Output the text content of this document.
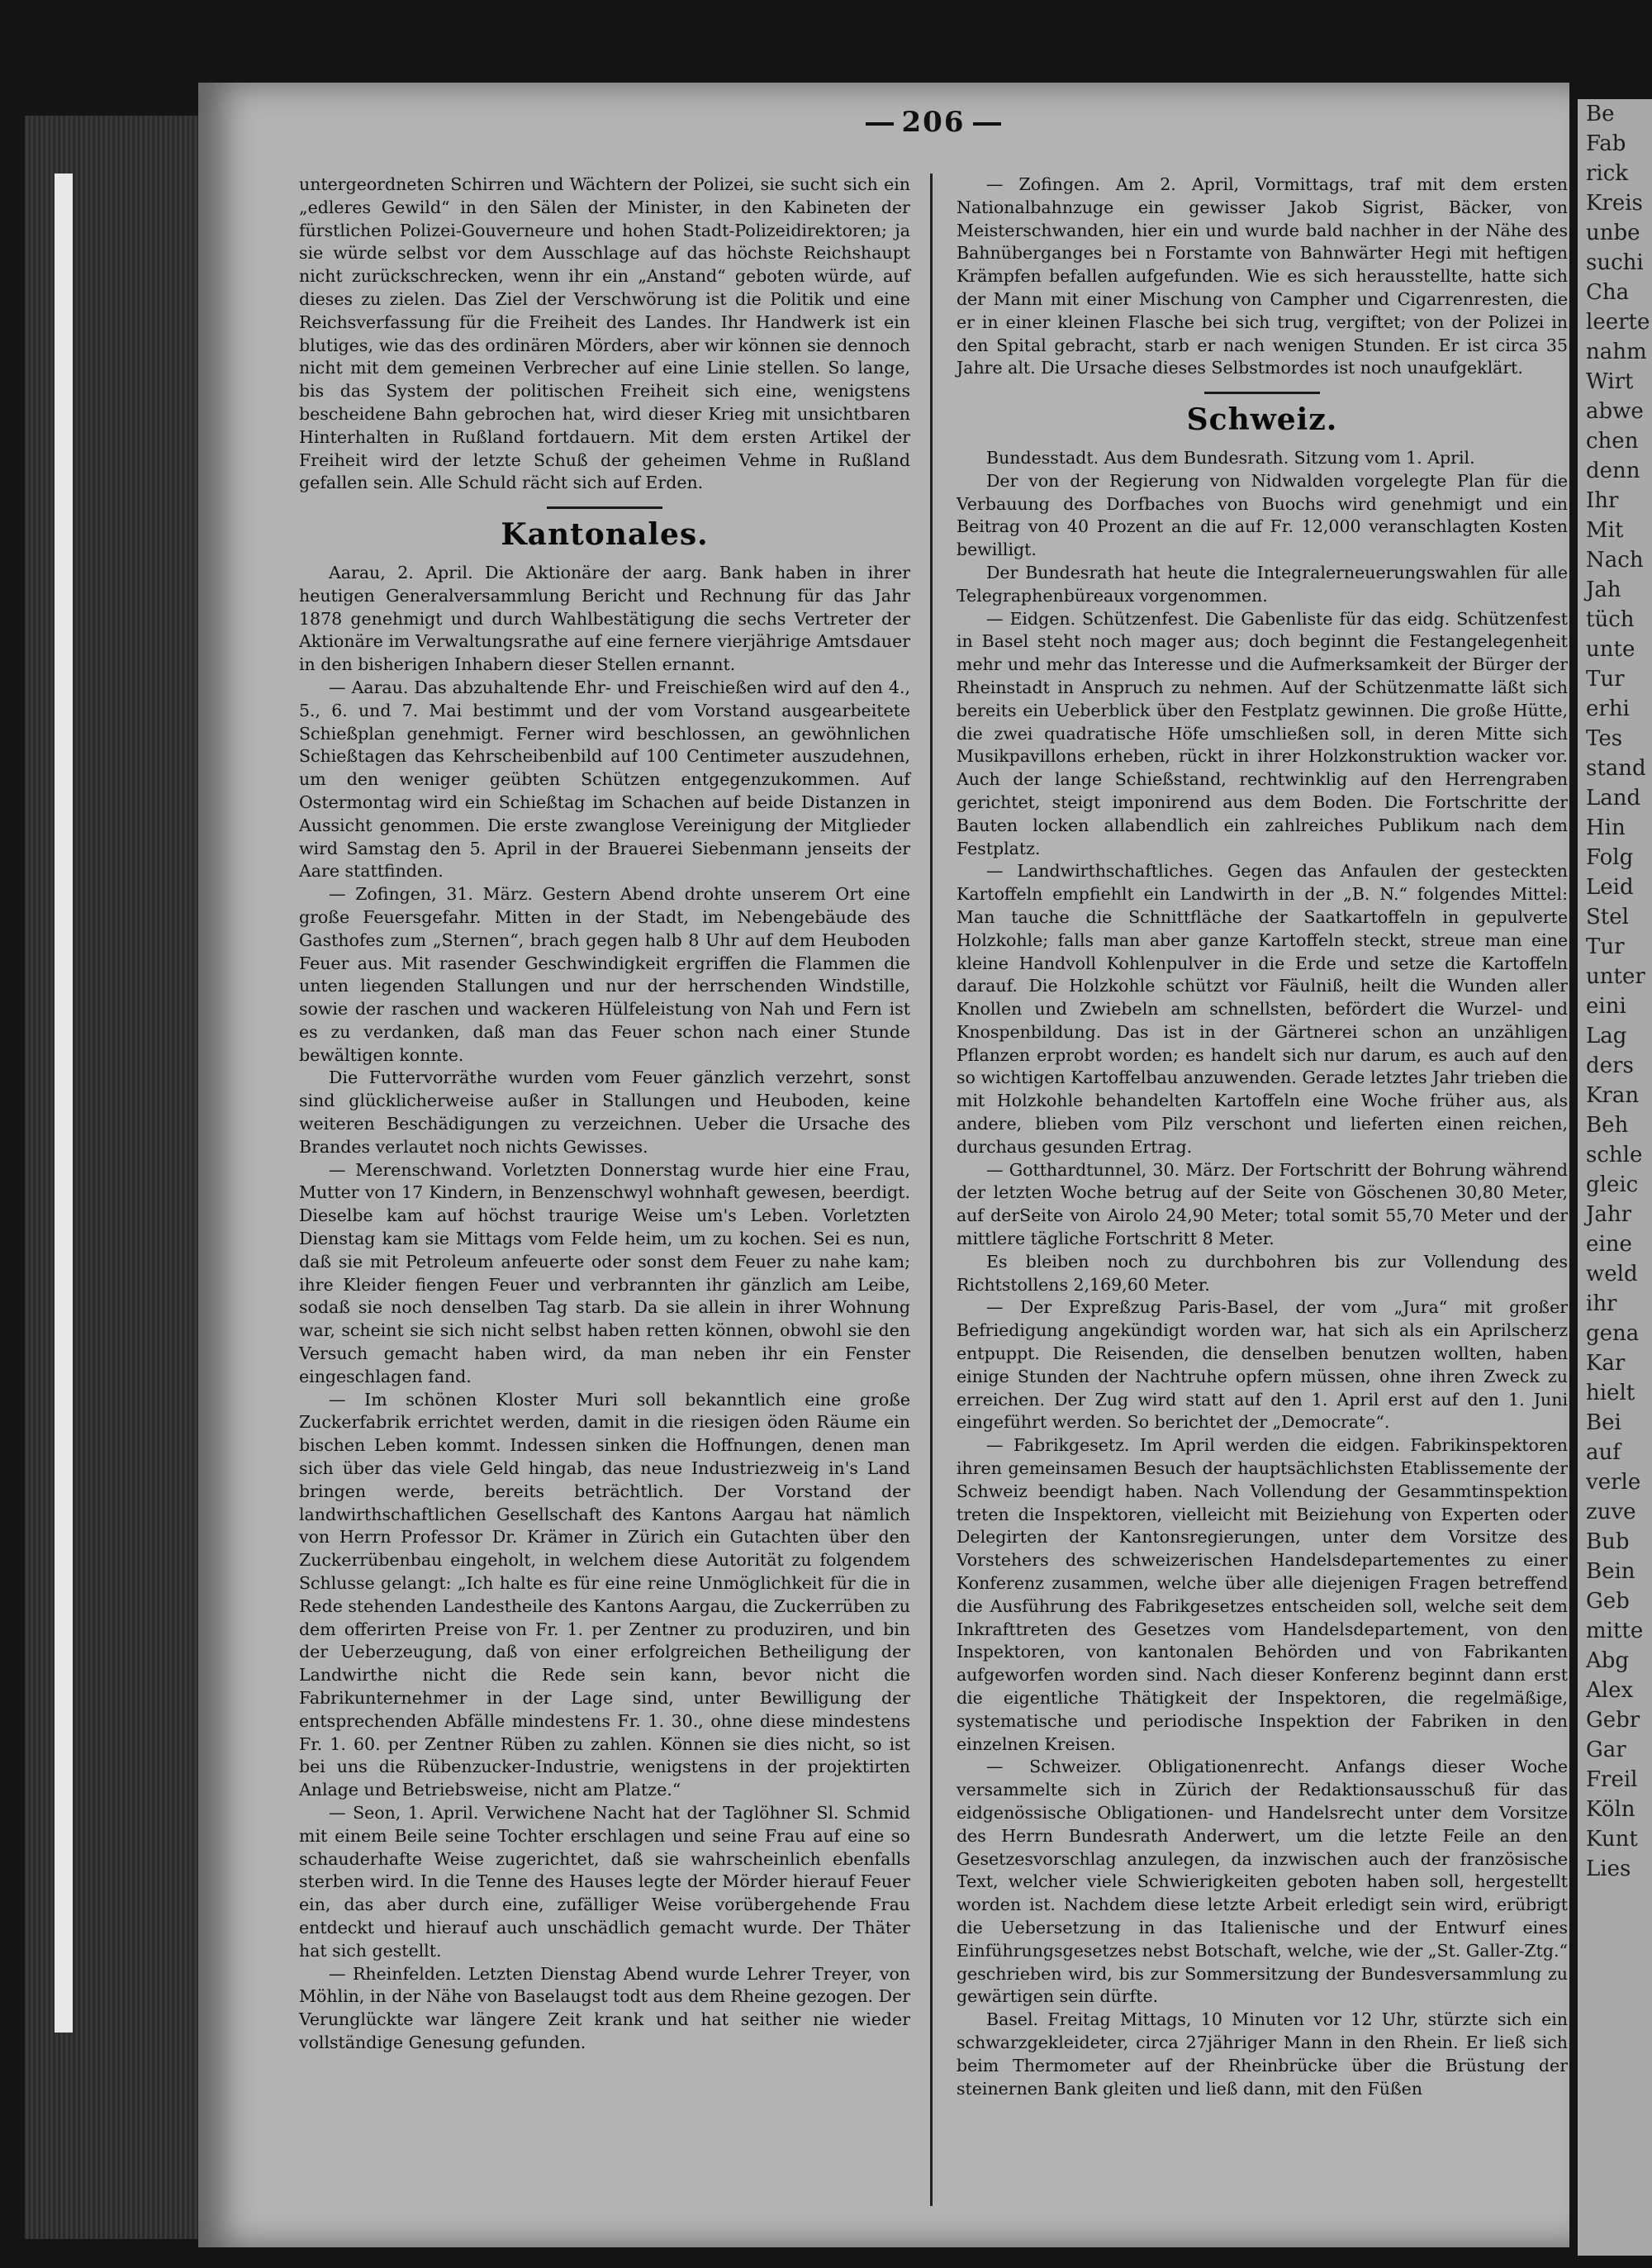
Be
Fab
rick
Kreis
unbe
suchi
Cha
leerte
nahm
Wirt
abwe
chen
denn
Ihr
Mit
Nach
Jah
tüch
unte
Tur
erhi
Tes
stand
Land
Hin
Folg
Leid
Stel
Tur
unter
eini
Lag
ders
Kran
Beh
schle
gleic
Jahr
eine
weld
ihr
gena
Kar
hielt
Bei
auf
verle
zuve
Bub
Bein
Geb
mitte
Abg
Alex
Gebr
Gar
Freil
Köln
Kunt
Lies
206

untergeordneten Schirren und Wächtern der Polizei, sie sucht sich ein „edleres Gewild“ in den Sälen der Minister, in den Kabineten der fürstlichen Polizei-Gouverneure und hohen Stadt-Polizeidirektoren; ja sie würde selbst vor dem Ausschlage auf das höchste Reichshaupt nicht zurückschrecken, wenn ihr ein „Anstand“ geboten würde, auf dieses zu zielen. Das Ziel der Verschwörung ist die Politik und eine Reichsverfassung für die Freiheit des Landes. Ihr Handwerk ist ein blutiges, wie das des ordinären Mörders, aber wir können sie dennoch nicht mit dem gemeinen Verbrecher auf eine Linie stellen. So lange, bis das System der politischen Freiheit sich eine, wenigstens bescheidene Bahn gebrochen hat, wird dieser Krieg mit unsichtbaren Hinterhalten in Rußland fortdauern. Mit dem ersten Artikel der Freiheit wird der letzte Schuß der geheimen Vehme in Rußland gefallen sein. Alle Schuld rächt sich auf Erden.

Kantonales.

Aarau, 2. April. Die Aktionäre der aarg. Bank haben in ihrer heutigen Generalversammlung Bericht und Rechnung für das Jahr 1878 genehmigt und durch Wahlbestätigung die sechs Vertreter der Aktionäre im Verwaltungsrathe auf eine fernere vierjährige Amtsdauer in den bisherigen Inhabern dieser Stellen ernannt.

— Aarau. Das abzuhaltende Ehr- und Freischießen wird auf den 4., 5., 6. und 7. Mai bestimmt und der vom Vorstand ausgearbeitete Schießplan genehmigt. Ferner wird beschlossen, an gewöhnlichen Schießtagen das Kehrscheibenbild auf 100 Centimeter auszudehnen, um den weniger geübten Schützen entgegenzukommen. Auf Ostermontag wird ein Schießtag im Schachen auf beide Distanzen in Aussicht genommen. Die erste zwanglose Vereinigung der Mitglieder wird Samstag den 5. April in der Brauerei Siebenmann jenseits der Aare stattfinden.

— Zofingen, 31. März. Gestern Abend drohte unserem Ort eine große Feuersgefahr. Mitten in der Stadt, im Nebengebäude des Gasthofes zum „Sternen“, brach gegen halb 8 Uhr auf dem Heuboden Feuer aus. Mit rasender Geschwindigkeit ergriffen die Flammen die unten liegenden Stallungen und nur der herrschenden Windstille, sowie der raschen und wackeren Hülfeleistung von Nah und Fern ist es zu verdanken, daß man das Feuer schon nach einer Stunde bewältigen konnte.

Die Futtervorräthe wurden vom Feuer gänzlich verzehrt, sonst sind glücklicherweise außer in Stallungen und Heuboden, keine weiteren Beschädigungen zu verzeichnen. Ueber die Ursache des Brandes verlautet noch nichts Gewisses.

— Merenschwand. Vorletzten Donnerstag wurde hier eine Frau, Mutter von 17 Kindern, in Benzenschwyl wohnhaft gewesen, beerdigt. Dieselbe kam auf höchst traurige Weise um's Leben. Vorletzten Dienstag kam sie Mittags vom Felde heim, um zu kochen. Sei es nun, daß sie mit Petroleum anfeuerte oder sonst dem Feuer zu nahe kam; ihre Kleider fiengen Feuer und verbrannten ihr gänzlich am Leibe, sodaß sie noch denselben Tag starb. Da sie allein in ihrer Wohnung war, scheint sie sich nicht selbst haben retten können, obwohl sie den Versuch gemacht haben wird, da man neben ihr ein Fenster eingeschlagen fand.

— Im schönen Kloster Muri soll bekanntlich eine große Zuckerfabrik errichtet werden, damit in die riesigen öden Räume ein bischen Leben kommt. Indessen sinken die Hoffnungen, denen man sich über das viele Geld hingab, das neue Industriezweig in's Land bringen werde, bereits beträchtlich. Der Vorstand der landwirthschaftlichen Gesellschaft des Kantons Aargau hat nämlich von Herrn Professor Dr. Krämer in Zürich ein Gutachten über den Zuckerrübenbau eingeholt, in welchem diese Autorität zu folgendem Schlusse gelangt: „Ich halte es für eine reine Unmöglichkeit für die in Rede stehenden Landestheile des Kantons Aargau, die Zuckerrüben zu dem offerirten Preise von Fr. 1. per Zentner zu produziren, und bin der Ueberzeugung, daß von einer erfolgreichen Betheiligung der Landwirthe nicht die Rede sein kann, bevor nicht die Fabrikunternehmer in der Lage sind, unter Bewilligung der entsprechenden Abfälle mindestens Fr. 1. 30., ohne diese mindestens Fr. 1. 60. per Zentner Rüben zu zahlen. Können sie dies nicht, so ist bei uns die Rübenzucker-Industrie, wenigstens in der projektirten Anlage und Betriebsweise, nicht am Platze.“

— Seon, 1. April. Verwichene Nacht hat der Taglöhner Sl. Schmid mit einem Beile seine Tochter erschlagen und seine Frau auf eine so schauderhafte Weise zugerichtet, daß sie wahrscheinlich ebenfalls sterben wird. In die Tenne des Hauses legte der Mörder hierauf Feuer ein, das aber durch eine, zufälliger Weise vorübergehende Frau entdeckt und hierauf auch unschädlich gemacht wurde. Der Thäter hat sich gestellt.

— Rheinfelden. Letzten Dienstag Abend wurde Lehrer Treyer, von Möhlin, in der Nähe von Baselaugst todt aus dem Rheine gezogen. Der Verunglückte war längere Zeit krank und hat seither nie wieder vollständige Genesung gefunden.

— Zofingen. Am 2. April, Vormittags, traf mit dem ersten Nationalbahnzuge ein gewisser Jakob Sigrist, Bäcker, von Meisterschwanden, hier ein und wurde bald nachher in der Nähe des Bahnüberganges bei n Forstamte von Bahnwärter Hegi mit heftigen Krämpfen befallen aufgefunden. Wie es sich herausstellte, hatte sich der Mann mit einer Mischung von Campher und Cigarrenresten, die er in einer kleinen Flasche bei sich trug, vergiftet; von der Polizei in den Spital gebracht, starb er nach wenigen Stunden. Er ist circa 35 Jahre alt. Die Ursache dieses Selbstmordes ist noch unaufgeklärt.

Schweiz.

Bundesstadt. Aus dem Bundesrath. Sitzung vom 1. April.

Der von der Regierung von Nidwalden vorgelegte Plan für die Verbauung des Dorfbaches von Buochs wird genehmigt und ein Beitrag von 40 Prozent an die auf Fr. 12,000 veranschlagten Kosten bewilligt.

Der Bundesrath hat heute die Integralerneuerungswahlen für alle Telegraphenbüreaux vorgenommen.

— Eidgen. Schützenfest. Die Gabenliste für das eidg. Schützenfest in Basel steht noch mager aus; doch beginnt die Festangelegenheit mehr und mehr das Interesse und die Aufmerksamkeit der Bürger der Rheinstadt in Anspruch zu nehmen. Auf der Schützenmatte läßt sich bereits ein Ueberblick über den Festplatz gewinnen. Die große Hütte, die zwei quadratische Höfe umschließen soll, in deren Mitte sich Musikpavillons erheben, rückt in ihrer Holzkonstruktion wacker vor. Auch der lange Schießstand, rechtwinklig auf den Herrengraben gerichtet, steigt imponirend aus dem Boden. Die Fortschritte der Bauten locken allabendlich ein zahlreiches Publikum nach dem Festplatz.

— Landwirthschaftliches. Gegen das Anfaulen der gesteckten Kartoffeln empfiehlt ein Landwirth in der „B. N.“ folgendes Mittel: Man tauche die Schnittfläche der Saatkartoffeln in gepulverte Holzkohle; falls man aber ganze Kartoffeln steckt, streue man eine kleine Handvoll Kohlenpulver in die Erde und setze die Kartoffeln darauf. Die Holzkohle schützt vor Fäulniß, heilt die Wunden aller Knollen und Zwiebeln am schnellsten, befördert die Wurzel- und Knospenbildung. Das ist in der Gärtnerei schon an unzähligen Pflanzen erprobt worden; es handelt sich nur darum, es auch auf den so wichtigen Kartoffelbau anzuwenden. Gerade letztes Jahr trieben die mit Holzkohle behandelten Kartoffeln eine Woche früher aus, als andere, blieben vom Pilz verschont und lieferten einen reichen, durchaus gesunden Ertrag.

— Gotthardtunnel, 30. März. Der Fortschritt der Bohrung während der letzten Woche betrug auf der Seite von Göschenen 30,80 Meter, auf derSeite von Airolo 24,90 Meter; total somit 55,70 Meter und der mittlere tägliche Fortschritt 8 Meter.

Es bleiben noch zu durchbohren bis zur Vollendung des Richtstollens 2,169,60 Meter.

— Der Expreßzug Paris-Basel, der vom „Jura“ mit großer Befriedigung angekündigt worden war, hat sich als ein Aprilscherz entpuppt. Die Reisenden, die denselben benutzen wollten, haben einige Stunden der Nachtruhe opfern müssen, ohne ihren Zweck zu erreichen. Der Zug wird statt auf den 1. April erst auf den 1. Juni eingeführt werden. So berichtet der „Democrate“.

— Fabrikgesetz. Im April werden die eidgen. Fabrikinspektoren ihren gemeinsamen Besuch der hauptsächlichsten Etablissemente der Schweiz beendigt haben. Nach Vollendung der Gesammtinspektion treten die Inspektoren, vielleicht mit Beiziehung von Experten oder Delegirten der Kantonsregierungen, unter dem Vorsitze des Vorstehers des schweizerischen Handelsdepartementes zu einer Konferenz zusammen, welche über alle diejenigen Fragen betreffend die Ausführung des Fabrikgesetzes entscheiden soll, welche seit dem Inkrafttreten des Gesetzes vom Handelsdepartement, von den Inspektoren, von kantonalen Behörden und von Fabrikanten aufgeworfen worden sind. Nach dieser Konferenz beginnt dann erst die eigentliche Thätigkeit der Inspektoren, die regelmäßige, systematische und periodische Inspektion der Fabriken in den einzelnen Kreisen.

— Schweizer. Obligationenrecht. Anfangs dieser Woche versammelte sich in Zürich der Redaktionsausschuß für das eidgenössische Obligationen- und Handelsrecht unter dem Vorsitze des Herrn Bundesrath Anderwert, um die letzte Feile an den Gesetzesvorschlag anzulegen, da inzwischen auch der französische Text, welcher viele Schwierigkeiten geboten haben soll, hergestellt worden ist. Nachdem diese letzte Arbeit erledigt sein wird, erübrigt die Uebersetzung in das Italienische und der Entwurf eines Einführungsgesetzes nebst Botschaft, welche, wie der „St. Galler-Ztg.“ geschrieben wird, bis zur Sommersitzung der Bundesversammlung zu gewärtigen sein dürfte.

Basel. Freitag Mittags, 10 Minuten vor 12 Uhr, stürzte sich ein schwarzgekleideter, circa 27jähriger Mann in den Rhein. Er ließ sich beim Thermometer auf der Rheinbrücke über die Brüstung der steinernen Bank gleiten und ließ dann, mit den Füßen
